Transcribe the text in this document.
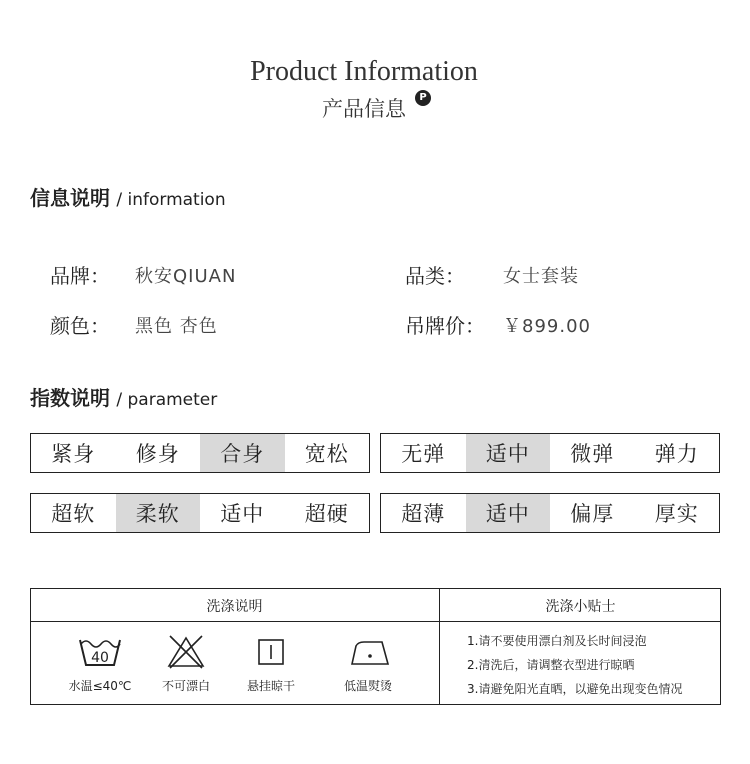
Product Information
产品信息	P
信息说明 / information
品牌： 秋安QIUAN	品类： 女士套装
颜色： 黑色 杏色	吊牌价： ￥899.00
指数说明 / parameter
紧身	修身	合身	宽松	无弹	适中	微弹	弹力
超软	柔软	适中	超硬	超薄	适中	偏厚	厚实
洗涤说明	洗涤小贴士
40
水温≤40℃	不可漂白	悬挂晾干	低温熨烫
1.请不要使用漂白剂及长时间浸泡
2.清洗后，请调整衣型进行晾晒
3.请避免阳光直晒，以避免出现变色情况
